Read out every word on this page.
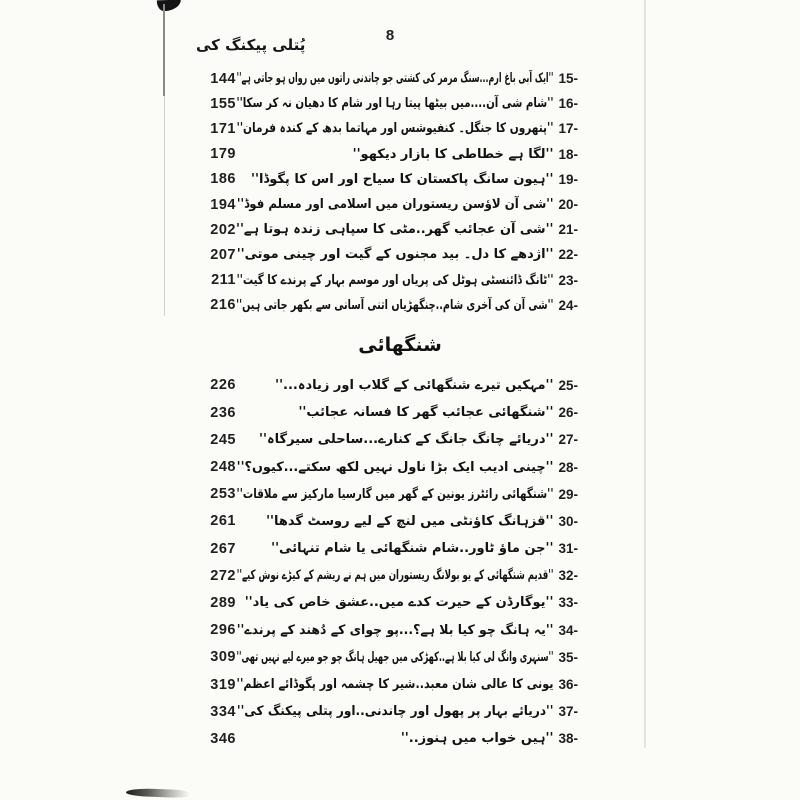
پُتلی پیکنگ کی
8
15-
''ایک آبی باغ ارم...سنگ مرمر کی کشتی جو چاندنی راتوں میں رواں ہو جاتی ہے''
144
16-
''شام شی آن....میں بیٹھا پیتا رہا اور شام کا دھیان نہ کر سکا''
155
17-
''پتھروں کا جنگل۔ کنفیوشس اور مہاتما بدھ کے کندہ فرمان''
171
18-
''لگا ہے خطاطی کا بازار دیکھو''
179
19-
''ہیون سانگ پاکستان کا سیاح اور اس کا پگوڈا''
186
20-
''شی آن لاؤسن ریستوران میں اسلامی اور مسلم فوڈ''
194
21-
''شی آن عجائب گھر..مٹی کا سپاہی زندہ ہوتا ہے''
202
22-
''اژدھے کا دل۔ بید مجنوں کے گیت اور چینی موتی''
207
23-
''ٹانگ ڈائنسٹی ہوٹل کی پریاں اور موسم بہار کے پرندے کا گیت''
211
24-
''شی آن کی آخری شام..چنگھڑیاں اتنی آسانی سے بکھر جاتی ہیں''
216
شنگھائی
25-
''مہکیں تیرے شنگھائی کے گلاب اور زیادہ...''
226
26-
''شنگھائی عجائب گھر کا فسانہ عجائب''
236
27-
''دریائے چانگ جانگ کے کنارے...ساحلی سیرگاہ''
245
28-
''چینی ادیب ایک بڑا ناول نہیں لکھ سکتے...کیوں؟''
248
29-
''شنگھائی رائٹرز یونین کے گھر میں گارسیا مارکیز سے ملاقات''
253
30-
''قزہانگ کاؤنٹی میں لنچ کے لیے روسٹ گدھا''
261
31-
''جن ماؤ ٹاور..شام شنگھائی یا شام تنہائی''
267
32-
''قدیم شنگھائی کے یو بولانگ ریستوران میں ہم نے ریشم کے کیڑے نوش کیے''
272
33-
''یوگارڈن کے حیرت کدے میں..عشق خاص کی یاد''
289
34-
''یہ ہانگ چو کیا بلا ہے؟...پو چوای کے دُھند کے پرندے''
296
35-
''سنہری وانگ لی کیا بلا ہے..کھڑکی میں جھیل ہانگ چو جو میرے لیے نہیں تھی''
309
36-
یونی کا عالی شان معبد..شیر کا چشمہ اور پگوڈائے اعظم''
319
37-
''دریائے بہار پر پھول اور چاندنی..اور پتلی پیکنگ کی''
334
38-
''ہیں خواب میں ہنوز..''
346
